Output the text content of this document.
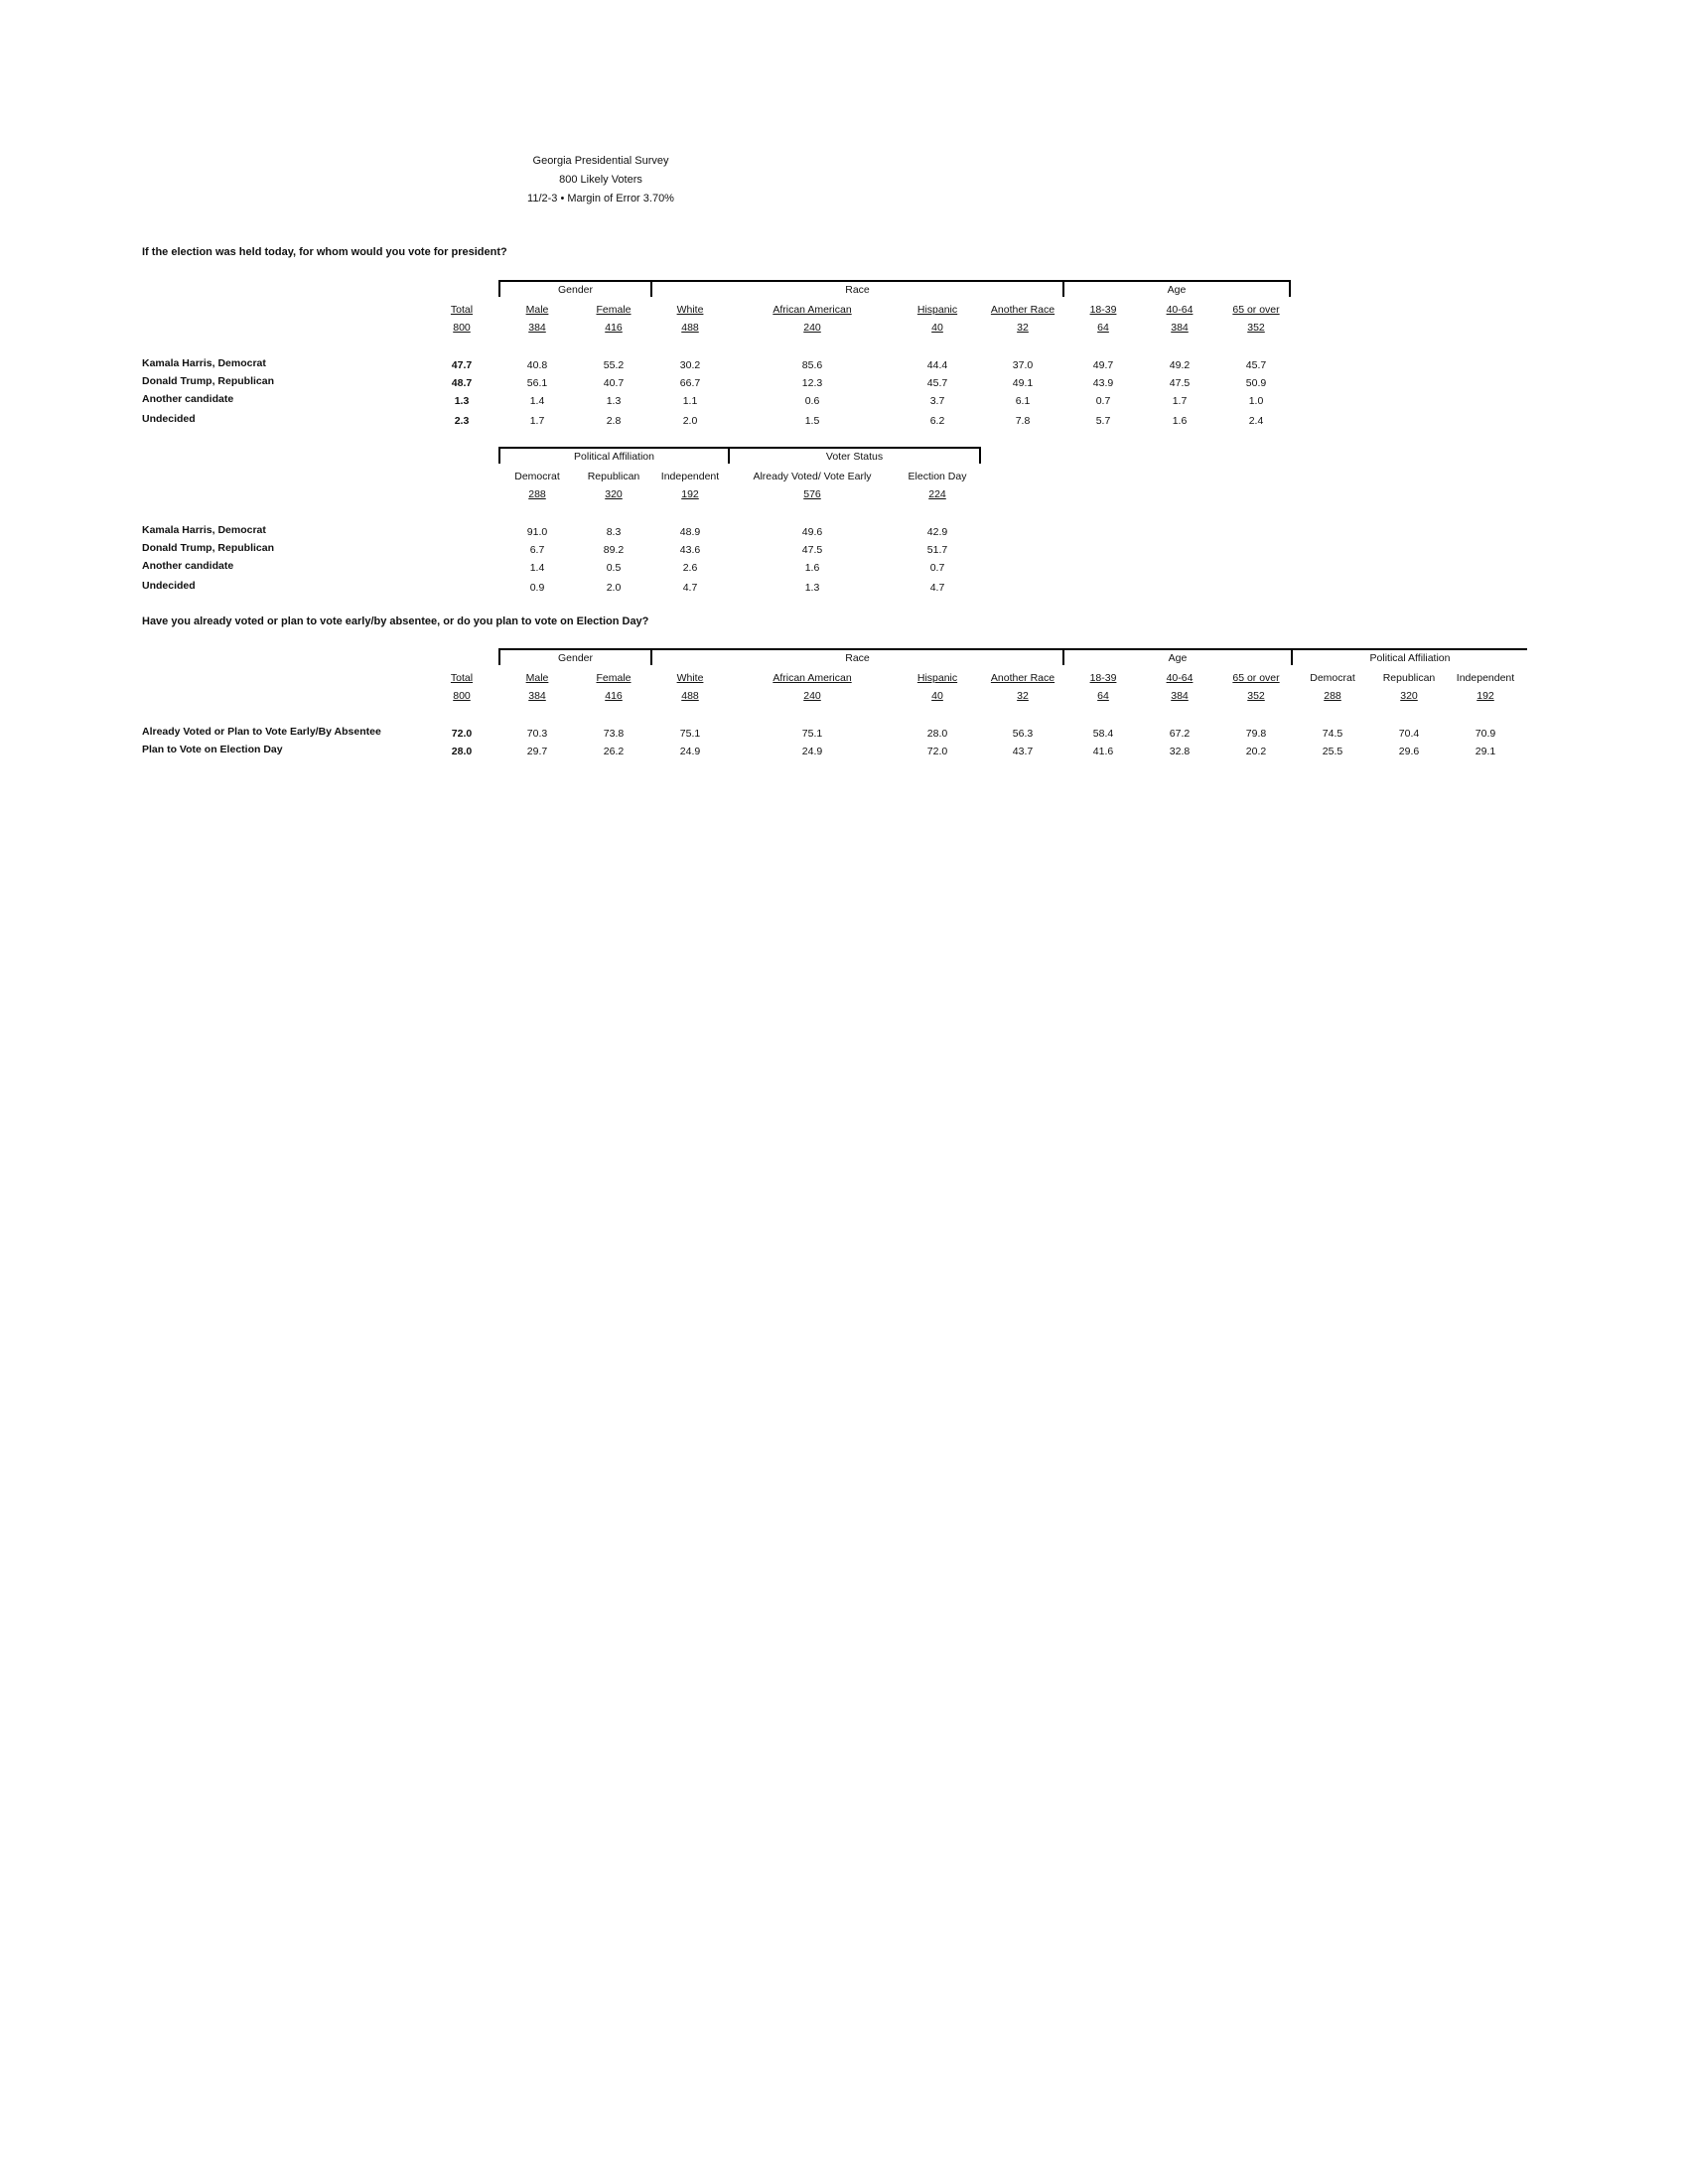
Georgia Presidential Survey
800 Likely Voters
11/2-3 • Margin of Error 3.70%
If the election was held today, for whom would you vote for president?
Gender	Race	Age
Total	Male	Female	White	African American	Hispanic	Another Race	18-39	40-64	65 or over
800	384	416	488	240	40	32	64	384	352
Kamala Harris, Democrat	47.7	40.8	55.2	30.2	85.6	44.4	37.0	49.7	49.2	45.7
Donald Trump, Republican	48.7	56.1	40.7	66.7	12.3	45.7	49.1	43.9	47.5	50.9
Another candidate	1.3	1.4	1.3	1.1	0.6	3.7	6.1	0.7	1.7	1.0
Undecided	2.3	1.7	2.8	2.0	1.5	6.2	7.8	5.7	1.6	2.4
Political Affiliation	Voter Status
Democrat	Republican	Independent	Already Voted/ Vote Early	Election Day
288	320	192	576	224
Kamala Harris, Democrat	91.0	8.3	48.9	49.6	42.9
Donald Trump, Republican	6.7	89.2	43.6	47.5	51.7
Another candidate	1.4	0.5	2.6	1.6	0.7
Undecided	0.9	2.0	4.7	1.3	4.7
Have you already voted or plan to vote early/by absentee, or do you plan to vote on Election Day?
Gender	Race	Age	Political Affiliation
Total	Male	Female	White	African American	Hispanic	Another Race	18-39	40-64	65 or over	Democrat	Republican	Independent
800	384	416	488	240	40	32	64	384	352	288	320	192
Already Voted or Plan to Vote Early/By Absentee	72.0	70.3	73.8	75.1	75.1	28.0	56.3	58.4	67.2	79.8	74.5	70.4	70.9
Plan to Vote on Election Day	28.0	29.7	26.2	24.9	24.9	72.0	43.7	41.6	32.8	20.2	25.5	29.6	29.1
